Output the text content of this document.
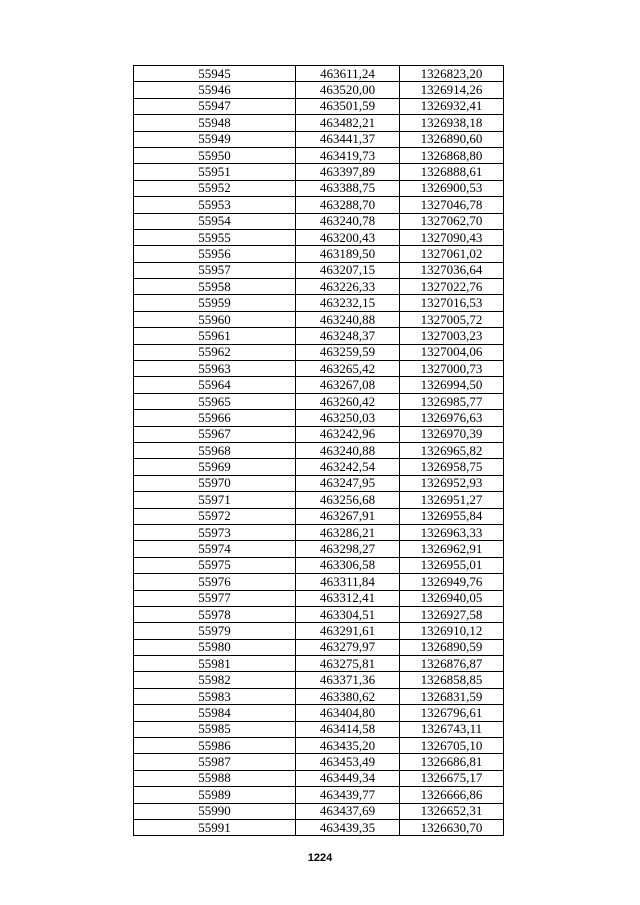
55945	463611,24	1326823,20
55946	463520,00	1326914,26
55947	463501,59	1326932,41
55948	463482,21	1326938,18
55949	463441,37	1326890,60
55950	463419,73	1326868,80
55951	463397,89	1326888,61
55952	463388,75	1326900,53
55953	463288,70	1327046,78
55954	463240,78	1327062,70
55955	463200,43	1327090,43
55956	463189,50	1327061,02
55957	463207,15	1327036,64
55958	463226,33	1327022,76
55959	463232,15	1327016,53
55960	463240,88	1327005,72
55961	463248,37	1327003,23
55962	463259,59	1327004,06
55963	463265,42	1327000,73
55964	463267,08	1326994,50
55965	463260,42	1326985,77
55966	463250,03	1326976,63
55967	463242,96	1326970,39
55968	463240,88	1326965,82
55969	463242,54	1326958,75
55970	463247,95	1326952,93
55971	463256,68	1326951,27
55972	463267,91	1326955,84
55973	463286,21	1326963,33
55974	463298,27	1326962,91
55975	463306,58	1326955,01
55976	463311,84	1326949,76
55977	463312,41	1326940,05
55978	463304,51	1326927,58
55979	463291,61	1326910,12
55980	463279,97	1326890,59
55981	463275,81	1326876,87
55982	463371,36	1326858,85
55983	463380,62	1326831,59
55984	463404,80	1326796,61
55985	463414,58	1326743,11
55986	463435,20	1326705,10
55987	463453,49	1326686,81
55988	463449,34	1326675,17
55989	463439,77	1326666,86
55990	463437,69	1326652,31
55991	463439,35	1326630,70
1224
